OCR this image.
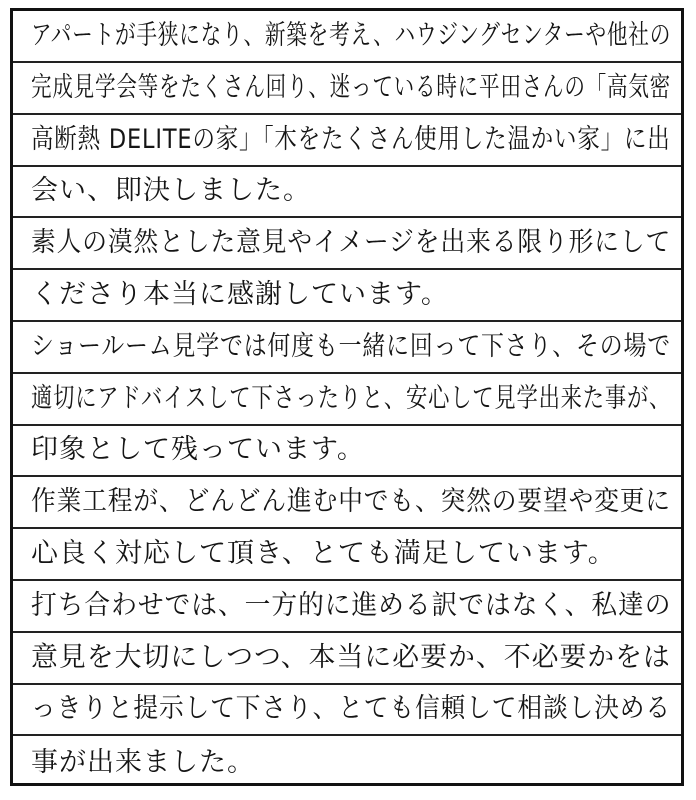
アパートが手狭になり、新築を考え、ハウジングセンターや他社の
完成見学会等をたくさん回り、迷っている時に平田さんの「高気密
高断熱 DELITEの家」「木をたくさん使用した温かい家」に出
会い、即決しました。
素人の漠然とした意見やイメージを出来る限り形にして
くださり本当に感謝しています。
ショールーム見学では何度も一緒に回って下さり、その場で
適切にアドバイスして下さったりと、安心して見学出来た事が、
印象として残っています。
作業工程が、どんどん進む中でも、突然の要望や変更に
心良く対応して頂き、とても満足しています。
打ち合わせでは、一方的に進める訳ではなく、私達の
意見を大切にしつつ、本当に必要か、不必要かをは
っきりと提示して下さり、とても信頼して相談し決める
事が出来ました。
